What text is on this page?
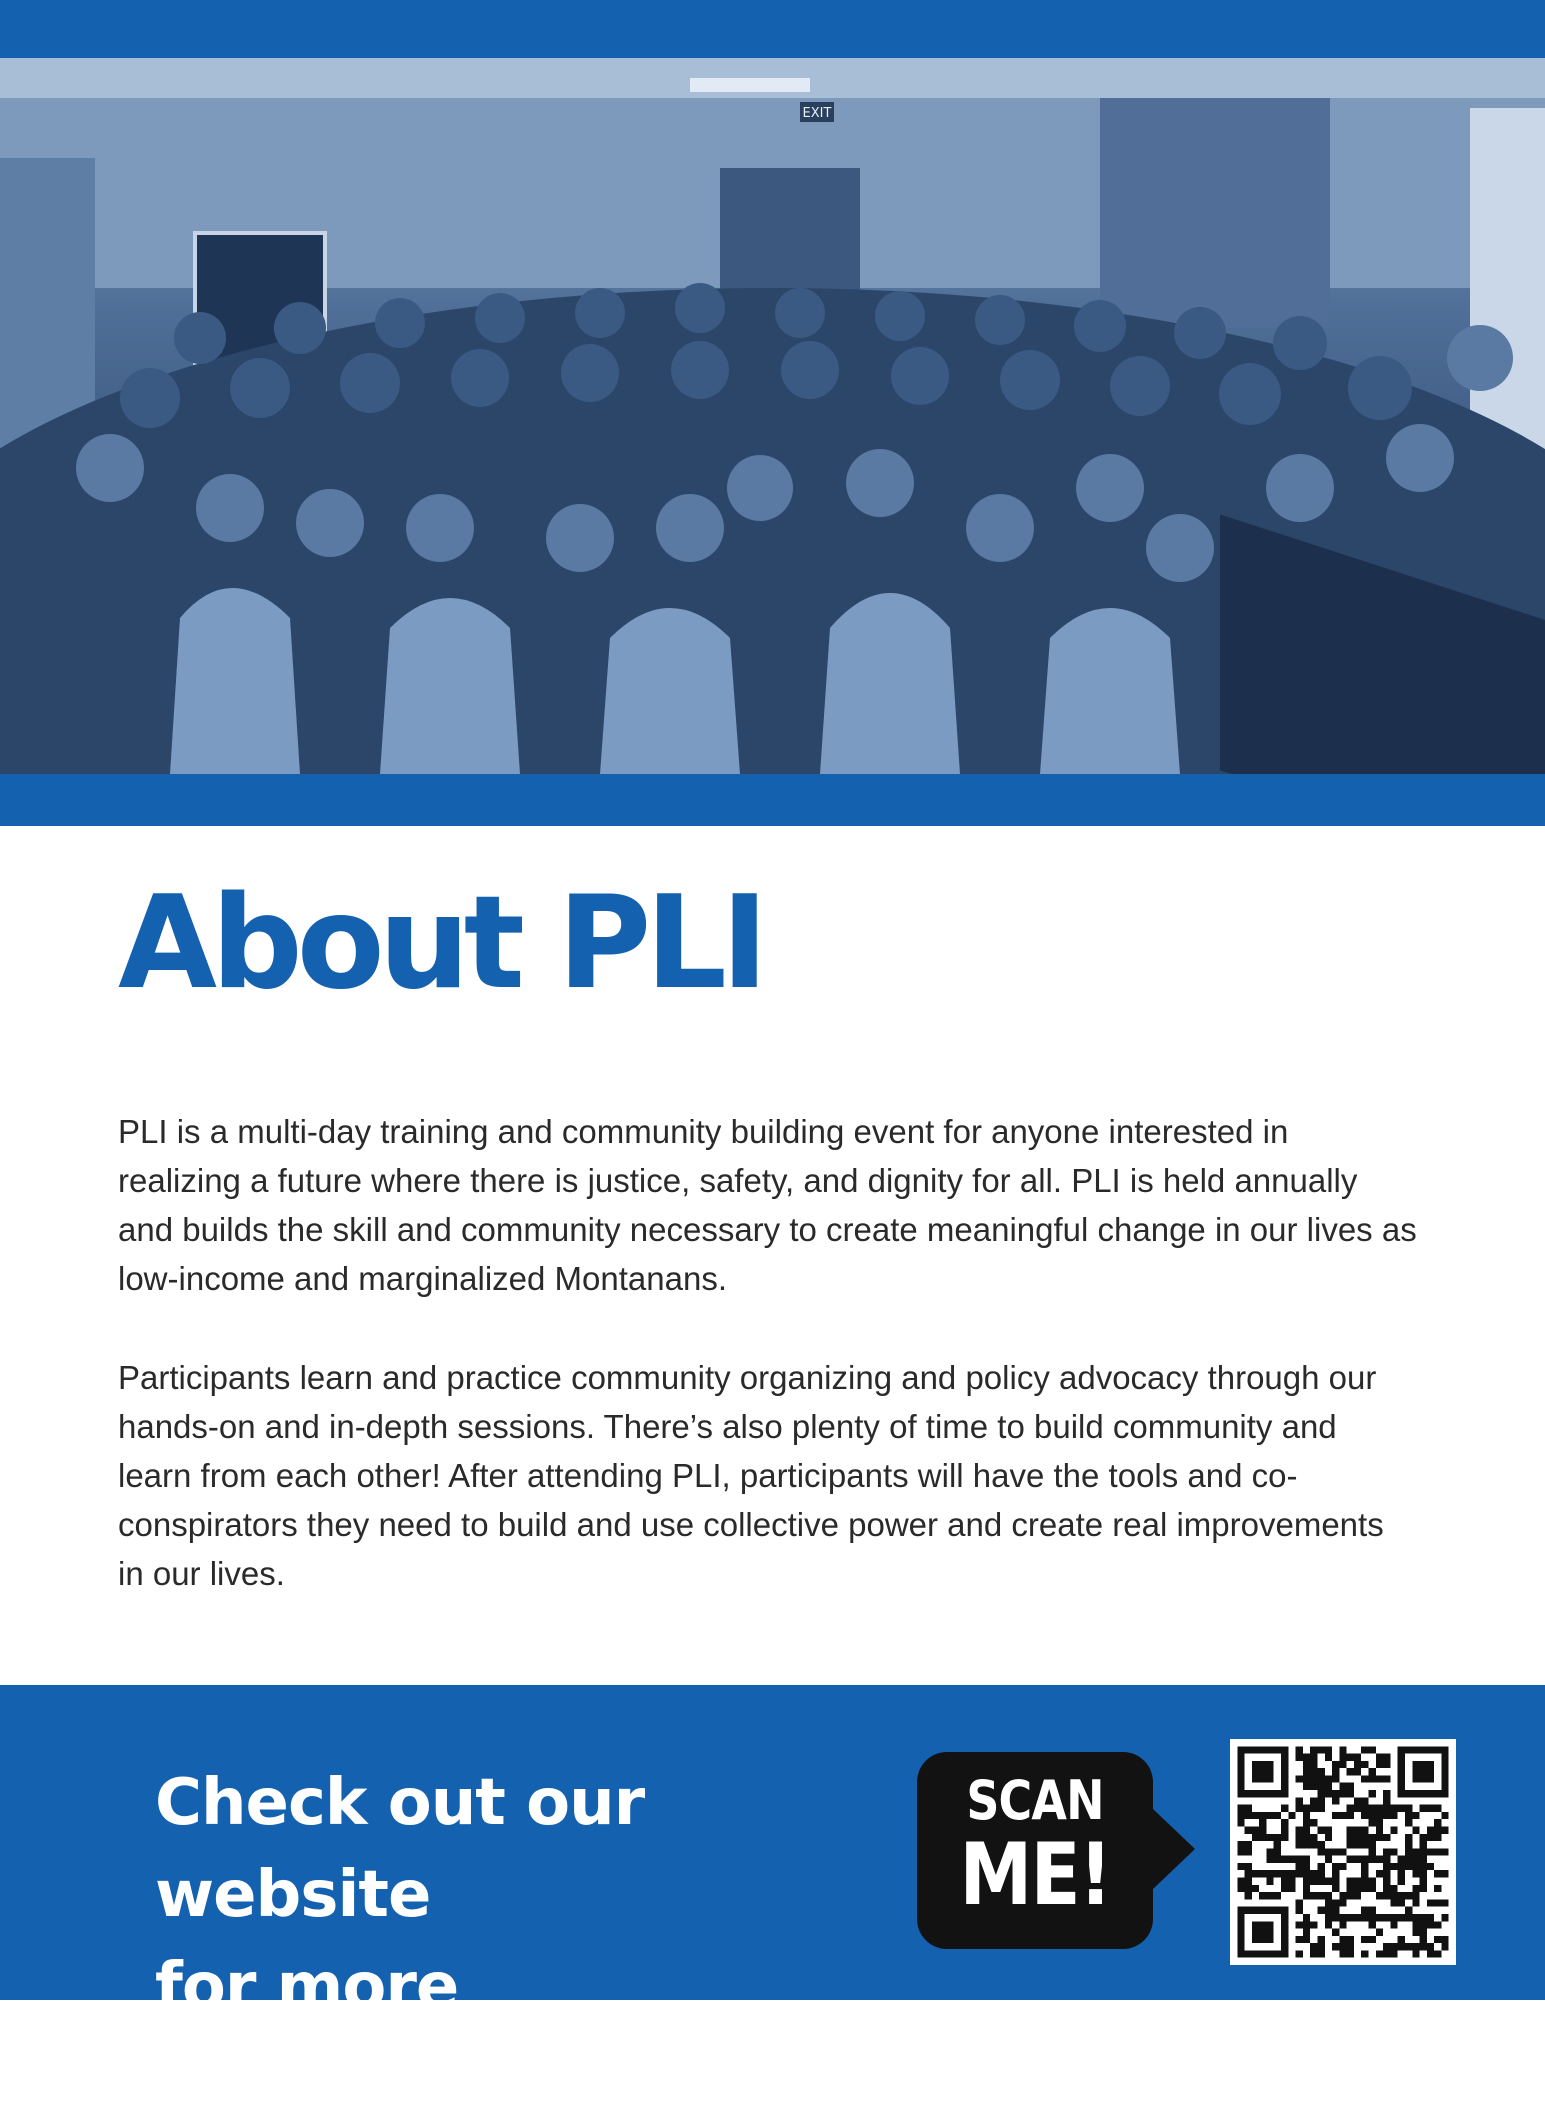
EXIT
About PLI

PLI is a multi-day training and community building event for anyone interested in realizing a future where there is justice, safety, and dignity for all. PLI is held annually and builds the skill and community necessary to create meaningful change in our lives as low-income and marginalized Montanans.

Participants learn and practice community organizing and policy advocacy through our hands-on and in-depth sessions. There’s also plenty of time to build community and learn from each other! After attending PLI, participants will have the tools and co-conspirators they need to build and use collective power and create real improvements in our lives.

Check out our website
for more information!

SCAN
ME!
